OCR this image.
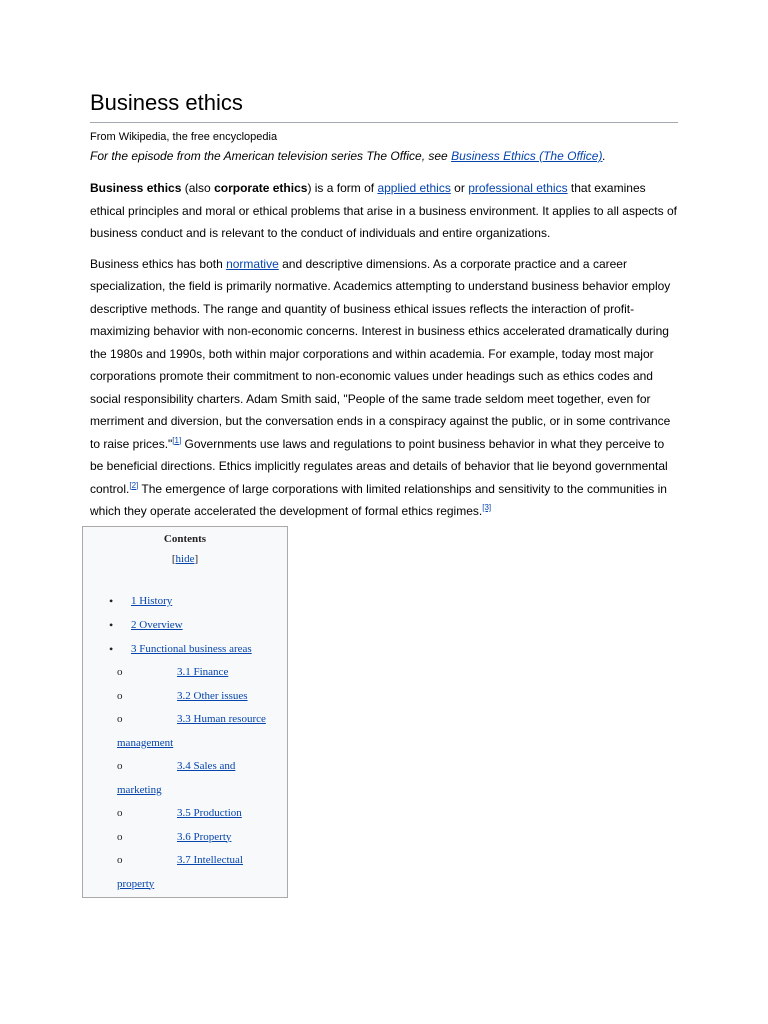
Business ethics
From Wikipedia, the free encyclopedia
For the episode from the American television series The Office, see Business Ethics (The Office).

Business ethics (also corporate ethics) is a form of applied ethics or professional ethics that examines ethical principles and moral or ethical problems that arise in a business environment. It applies to all aspects of business conduct and is relevant to the conduct of individuals and entire organizations.

Business ethics has both normative and descriptive dimensions. As a corporate practice and a career specialization, the field is primarily normative. Academics attempting to understand business behavior employ descriptive methods. The range and quantity of business ethical issues reflects the interaction of profit-maximizing behavior with non-economic concerns. Interest in business ethics accelerated dramatically during the 1980s and 1990s, both within major corporations and within academia. For example, today most major corporations promote their commitment to non-economic values under headings such as ethics codes and social responsibility charters. Adam Smith said, "People of the same trade seldom meet together, even for merriment and diversion, but the conversation ends in a conspiracy against the public, or in some contrivance to raise prices."[1] Governments use laws and regulations to point business behavior in what they perceive to be beneficial directions. Ethics implicitly regulates areas and details of behavior that lie beyond governmental control.[2] The emergence of large corporations with limited relationships and sensitivity to the communities in which they operate accelerated the development of formal ethics regimes.[3]

Contents
[hide]
• 1 History
• 2 Overview
• 3 Functional business areas
o	3.1 Finance
o	3.2 Other issues
o	3.3 Human resource management
o	3.4 Sales and marketing
o	3.5 Production
o	3.6 Property
o	3.7 Intellectual property
